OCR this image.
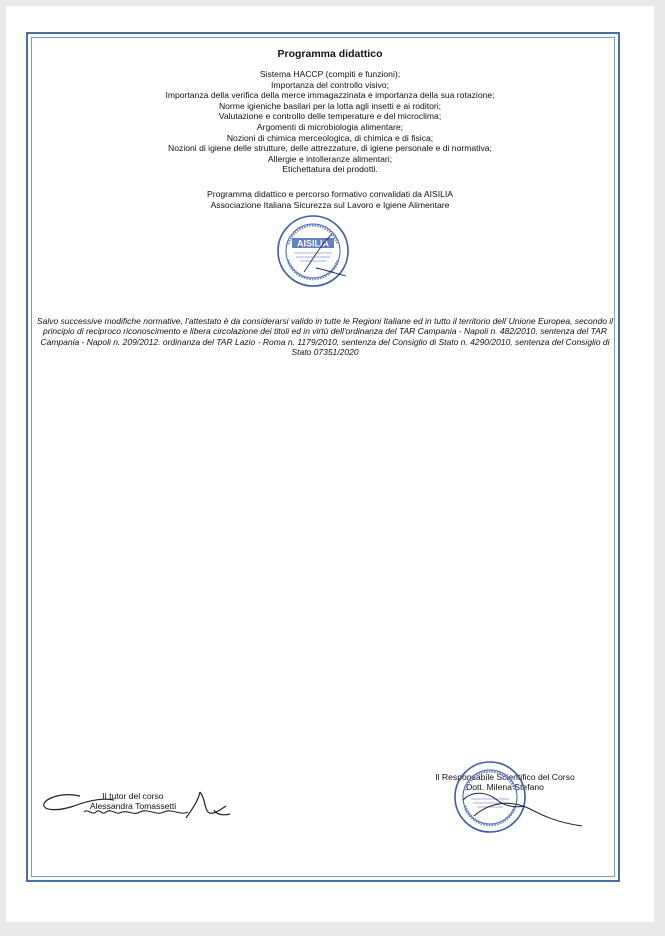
Programma didattico
Sistema HACCP (compiti e funzioni);
Importanza del controllo visivo;
Importanza della verifica della merce immagazzinata e importanza della sua rotazione;
Norme igieniche basilari per la lotta agli insetti e ai roditori;
Valutazione e controllo delle temperature e del microclima;
Argomenti di microbiologia alimentare;
Nozioni di chimica merceologica, di chimica e di fisica;
Nozioni di igiene delle strutture, delle attrezzature, di igiene personale e di normativa;
Allergie e intolleranze alimentari;
Etichettatura dei prodotti.
Programma didattico e percorso formativo convalidati da AISILIA
Associazione Italiana Sicurezza sul Lavoro e Igiene Alimentare
AISILIA
Salvo successive modifiche normative, l'attestato è da considerarsi valido in tutte le Regioni Italiane ed in tutto il territorio dell`Unione Europea, secondo il principio di reciproco riconoscimento e libera circolazione dei titoli ed in virtù dell'ordinanza del TAR Campania - Napoli n. 482/2010, sentenza del TAR Campania - Napoli n. 209/2012. ordinanza del TAR Lazio - Roma n. 1179/2010, sentenza del Consiglio di Stato n. 4290/2010, sentenza del Consiglio di Stato 07351/2020
Il tutor del corso
Alessandra Tomassetti
Il Responsabile Scientifico del Corso
Dott. Milena Stefano
